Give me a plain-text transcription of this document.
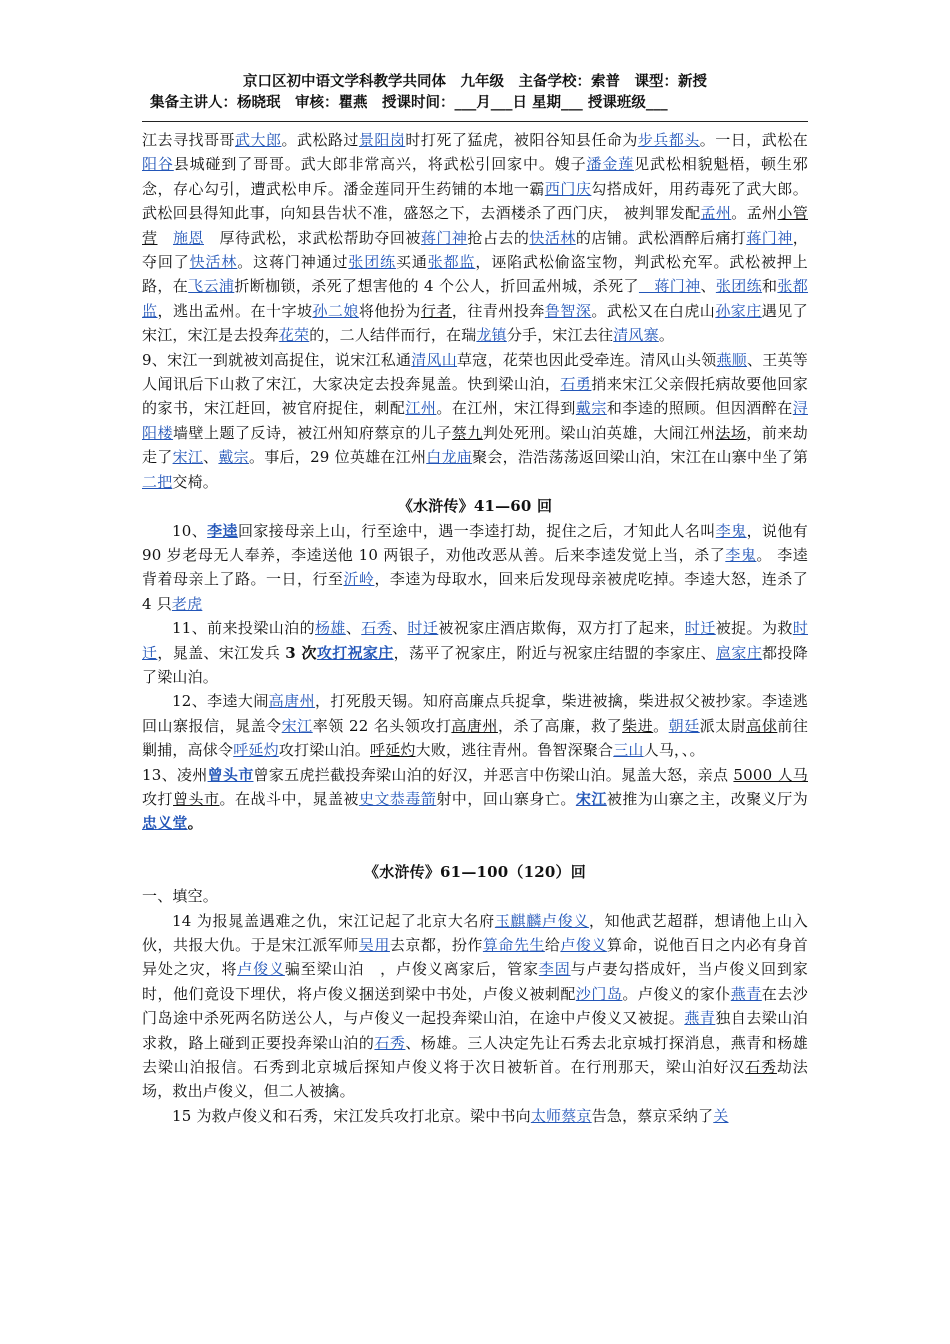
京口区初中语文学科教学共同体　九年级　主备学校：索普　课型：新授
集备主讲人：杨晓珉　审核：瞿燕　授课时间：___月___日 星期___ 授课班级___

江去寻找哥哥武大郎。武松路过景阳岗时打死了猛虎，被阳谷知县任命为步兵都头。一日，武松在阳谷县城碰到了哥哥。武大郎非常高兴，将武松引回家中。嫂子潘金莲见武松相貌魁梧，顿生邪念，存心勾引，遭武松申斥。潘金莲同开生药铺的本地一霸西门庆勾搭成奸，用药毒死了武大郎。武松回县得知此事，向知县告状不准，盛怒之下，去酒楼杀了西门庆， 被判罪发配孟州。孟州小管营　 施恩　厚待武松，求武松帮助夺回被蒋门神抢占去的快活林的店铺。武松酒醉后痛打蒋门神，夺回了快活林。这蒋门神通过张团练买通张都监，诬陷武松偷盗宝物，判武松充军。武松被押上路，在飞云浦折断枷锁，杀死了想害他的 4 个公人，折回孟州城，杀死了　蒋门神、张团练和张都监，逃出孟州。在十字坡孙二娘将他扮为行者，往青州投奔鲁智深。武松又在白虎山孙家庄遇见了宋江，宋江是去投奔花荣的，二人结伴而行，在瑞龙镇分手，宋江去往清风寨。

9、宋江一到就被刘高捉住，说宋江私通清风山草寇，花荣也因此受牵连。清风山头领燕顺、王英等人闻讯后下山救了宋江，大家决定去投奔晁盖。快到梁山泊，石勇捎来宋江父亲假托病故要他回家的家书，宋江赶回，被官府捉住，刺配江州。在江州，宋江得到戴宗和李逵的照顾。但因酒醉在浔阳楼墙壁上题了反诗，被江州知府蔡京的儿子蔡九判处死刑。梁山泊英雄，大闹江州法场，前来劫走了宋江、戴宗。事后，29 位英雄在江州白龙庙聚会，浩浩荡荡返回梁山泊，宋江在山寨中坐了第二把交椅。

《水浒传》41—60 回

10、李逵回家接母亲上山，行至途中，遇一李逵打劫，捉住之后，才知此人名叫李鬼，说他有 90 岁老母无人奉养，李逵送他 10 两银子，劝他改恶从善。后来李逵发觉上当，杀了李鬼。 李逵背着母亲上了路。一日，行至沂岭，李逵为母取水，回来后发现母亲被虎吃掉。李逵大怒，连杀了 4 只老虎

11、前来投梁山泊的杨雄、石秀、时迁被祝家庄酒店欺侮，双方打了起来，时迁被捉。为救时迁，晁盖、宋江发兵 3 次攻打祝家庄，荡平了祝家庄，附近与祝家庄结盟的李家庄、扈家庄都投降了梁山泊。

12、李逵大闹高唐州，打死殷天锡。知府高廉点兵捉拿，柴进被擒，柴进叔父被抄家。李逵逃回山寨报信，晁盖令宋江率领 22 名头领攻打高唐州，杀了高廉，救了柴进。朝廷派太尉高俅前往剿捕，高俅令呼延灼攻打梁山泊。呼延灼大败，逃往青州。鲁智深聚合三山人马，、。

13、凌州曾头市曾家五虎拦截投奔梁山泊的好汉，并恶言中伤梁山泊。晁盖大怒，亲点 5000 人马攻打曾头市。在战斗中，晁盖被史文恭毒箭射中，回山寨身亡。宋江被推为山寨之主，改聚义厅为忠义堂。

《水浒传》61—100（120）回

一、填空。

14 为报晁盖遇难之仇，宋江记起了北京大名府玉麒麟卢俊义，知他武艺超群，想请他上山入伙，共报大仇。于是宋江派军师吴用去京都，扮作算命先生给卢俊义算命，说他百日之内必有身首异处之灾，将卢俊义骗至梁山泊　，卢俊义离家后，管家李固与卢妻勾搭成奸，当卢俊义回到家时，他们竟设下埋伏，将卢俊义捆送到梁中书处，卢俊义被刺配沙门岛。卢俊义的家仆燕青在去沙门岛途中杀死两名防送公人，与卢俊义一起投奔梁山泊，在途中卢俊义又被捉。燕青独自去梁山泊求救，路上碰到正要投奔梁山泊的石秀、杨雄。三人决定先让石秀去北京城打探消息，燕青和杨雄去梁山泊报信。石秀到北京城后探知卢俊义将于次日被斩首。在行刑那天，梁山泊好汉石秀劫法场，救出卢俊义，但二人被擒。

15 为救卢俊义和石秀，宋江发兵攻打北京。梁中书向太师蔡京告急，蔡京采纳了关
